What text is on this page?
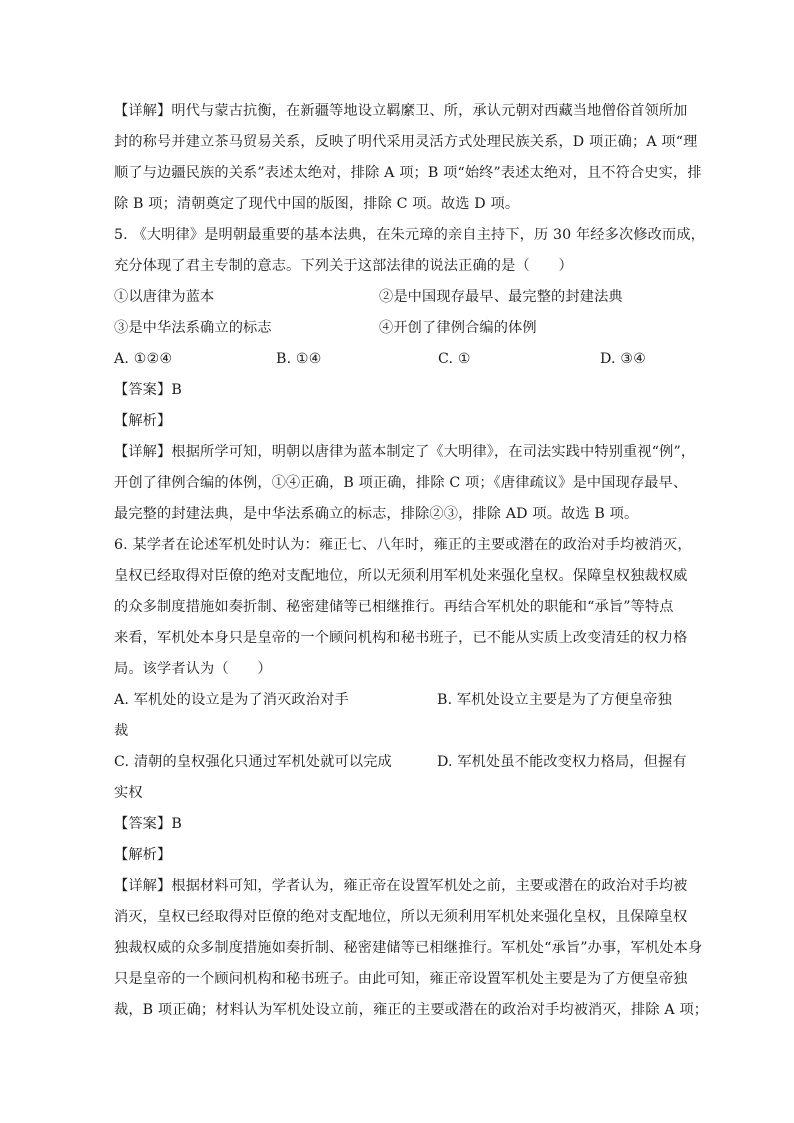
【详解】明代与蒙古抗衡，在新疆等地设立羁縻卫、所，承认元朝对西藏当地僧俗首领所加
封的称号并建立茶马贸易关系，反映了明代采用灵活方式处理民族关系，D 项正确；A 项“理
顺了与边疆民族的关系”表述太绝对，排除 A 项；B 项“始终”表述太绝对，且不符合史实，排
除 B 项；清朝奠定了现代中国的版图，排除 C 项。故选 D 项。
5. 《大明律》是明朝最重要的基本法典，在朱元璋的亲自主持下，历 30 年经多次修改而成，
充分体现了君主专制的意志。下列关于这部法律的说法正确的是（　　）
①以唐律为蓝本	②是中国现存最早、最完整的封建法典
③是中华法系确立的标志	④开创了律例合编的体例
A. ①②④	B. ①④	C. ①	D. ③④
【答案】B
【解析】
【详解】根据所学可知，明朝以唐律为蓝本制定了《大明律》，在司法实践中特别重视“例”，
开创了律例合编的体例，①④正确，B 项正确，排除 C 项；《唐律疏议》是中国现存最早、
最完整的封建法典，是中华法系确立的标志，排除②③，排除 AD 项。故选 B 项。
6. 某学者在论述军机处时认为：雍正七、八年时，雍正的主要或潜在的政治对手均被消灭，
皇权已经取得对臣僚的绝对支配地位，所以无须利用军机处来强化皇权。保障皇权独裁权威
的众多制度措施如奏折制、秘密建储等已相继推行。再结合军机处的职能和“承旨”等特点
来看，军机处本身只是皇帝的一个顾问机构和秘书班子，已不能从实质上改变清廷的权力格
局。该学者认为（　　）
A. 军机处的设立是为了消灭政治对手	B. 军机处设立主要是为了方便皇帝独
裁
C. 清朝的皇权强化只通过军机处就可以完成	D. 军机处虽不能改变权力格局，但握有
实权
【答案】B
【解析】
【详解】根据材料可知，学者认为，雍正帝在设置军机处之前，主要或潜在的政治对手均被
消灭，皇权已经取得对臣僚的绝对支配地位，所以无须利用军机处来强化皇权，且保障皇权
独裁权威的众多制度措施如奏折制、秘密建储等已相继推行。军机处“承旨”办事，军机处本身
只是皇帝的一个顾问机构和秘书班子。由此可知，雍正帝设置军机处主要是为了方便皇帝独
裁，B 项正确；材料认为军机处设立前，雍正的主要或潜在的政治对手均被消灭，排除 A 项；
